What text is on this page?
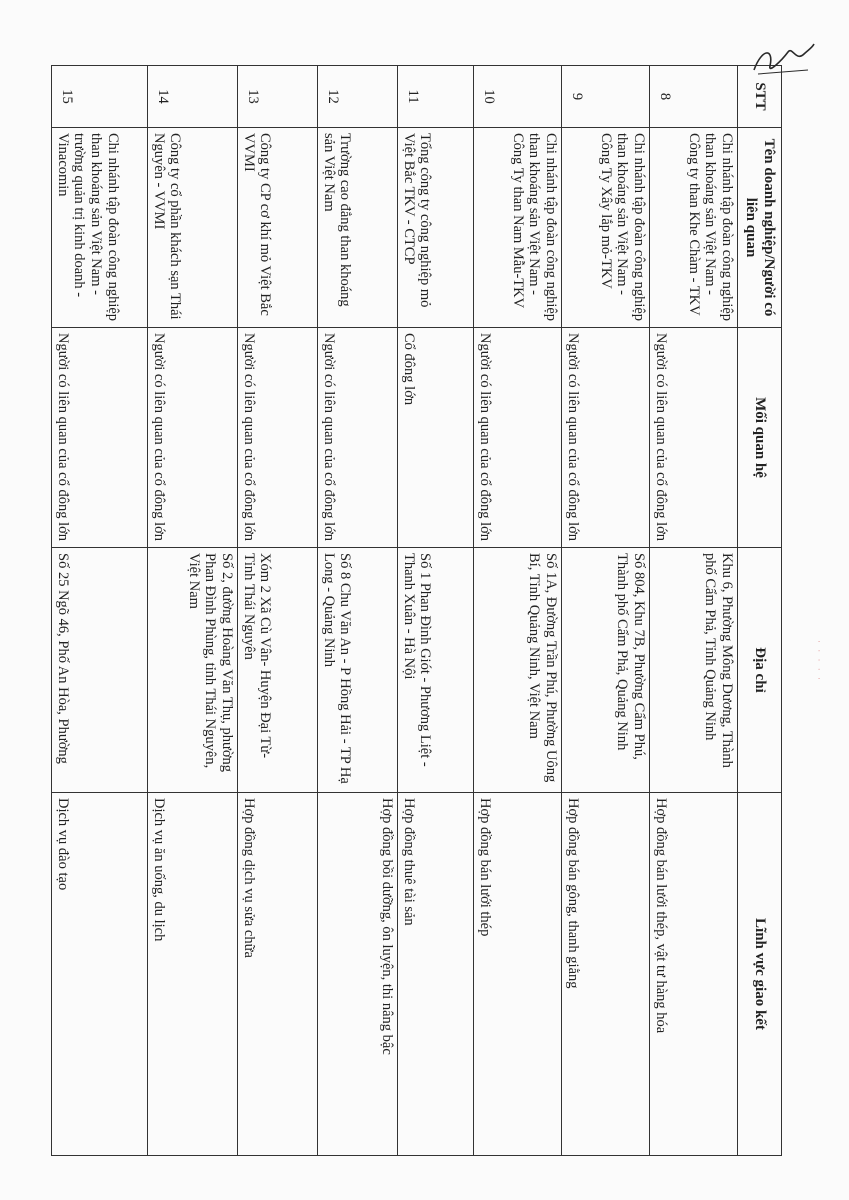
STT	Tên doanh nghiệp/Người có liên quan	Mối quan hệ	Địa chỉ	Lĩnh vực giao kết
8	Chi nhánh tập đoàn công nghiệp than khoáng sản Việt Nam - Công ty than Khe Chàm - TKV	Người có liên quan của cổ đông lớn	Khu 6, Phường Mông Dương, Thành phố Cẩm Phả, Tỉnh Quảng Ninh	Hợp đồng bán lưới thép, vật tư hàng hóa
9	Chi nhánh tập đoàn công nghiệp than khoáng sản Việt Nam - Công Ty Xây lắp mỏ-TKV	Người có liên quan của cổ đông lớn	Số 804, Khu 7B, Phường Cẩm Phú, Thành phố Cẩm Phả, Quảng Ninh	Hợp đồng bán gông, thanh giằng
10	Chi nhánh tập đoàn công nghiệp than khoáng sản Việt Nam - Công Ty than Nam Mẫu-TKV	Người có liên quan của cổ đông lớn	Số 1A, Đường Trần Phú, Phường Uông Bí, Tỉnh Quảng Ninh, Việt Nam	Hợp đồng bán lưới thép
11	Tổng công ty công nghiệp mỏ Việt Bắc TKV - CTCP	Cổ đông lớn	Số 1 Phan Đình Giót - Phương Liệt - Thanh Xuân - Hà Nội	Hợp đồng thuê tài sản
12	Trường cao đẳng than khoáng sản Việt Nam	Người có liên quan của cổ đông lớn	Số 8 Chu Văn An - P Hồng Hải - TP Hạ Long - Quảng Ninh	Hợp đồng bồi dưỡng, ôn luyện, thi nâng bậc
13	Công ty CP cơ khí mỏ Việt Bắc VVMI	Người có liên quan của cổ đông lớn	Xóm 2 Xã Cù Vân- Huyện Đại Từ- Tỉnh Thái Nguyên	Hợp đồng dịch vụ sửa chữa
14	Công ty cổ phần khách sạn Thái Nguyên - VVMI	Người có liên quan của cổ đông lớn	Số 2, đường Hoàng Văn Thụ, phường Phan Đình Phùng, tỉnh Thái Nguyên, Việt Nam	Dịch vụ ăn uống, du lịch
15	Chi nhánh tập đoàn công nghiệp than khoáng sản Việt Nam - trường quản trị kinh doanh - Vinacomin	Người có liên quan của cổ đông lớn	Số 25 Ngõ 46, Phố An Hòa, Phường	Dịch vụ đào tạo
· · · · ·
